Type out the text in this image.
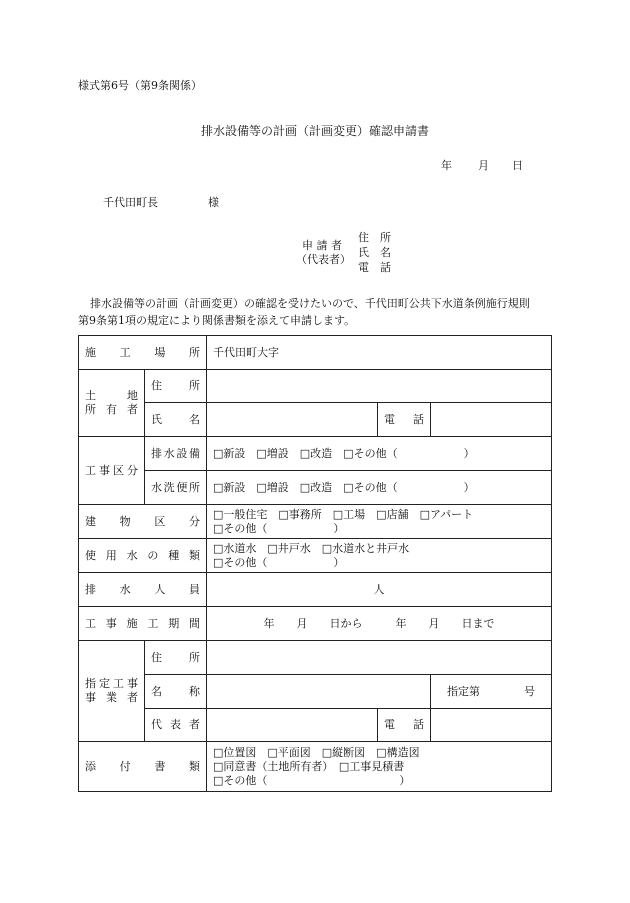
様式第6号（第9条関係）
排水設備等の計画（計画変更）確認申請書
年 月 日
千代田町長	様
申 請 者
（代表者）
住　所
氏　名
電　話
排水設備等の計画（計画変更）の確認を受けたいので、千代田町公共下水道条例施行規則
第9条第1項の規定により関係書類を添えて申請します。
施工場所		千代田町大字		

土　地
所有者	住所			
	氏名		電話	
工事区分	排水設備	□新設　□増設　□改造　□その他（　　　　　　）		
	水洗便所	□新設　□増設　□改造　□その他（　　　　　　）		
建物区分		□一般住宅　□事務所　□工場　□店舗　□アパート
□その他（　　　　　　）		

使用水の種類		□水道水　□井戸水　□水道水と井戸水
□その他（　　　　　　）		

排水人員		人		
工事施工期間		年　　月　　日から　　　年　　月　　日まで		

指定工事
事業者	住所			
	名称			指定第　　　　号
	代表者		電話	
添付書類		□位置図　□平面図　□縦断図　□構造図
□同意書（土地所有者）　□工事見積書
□その他（　　　　　　　　　　　　）		
